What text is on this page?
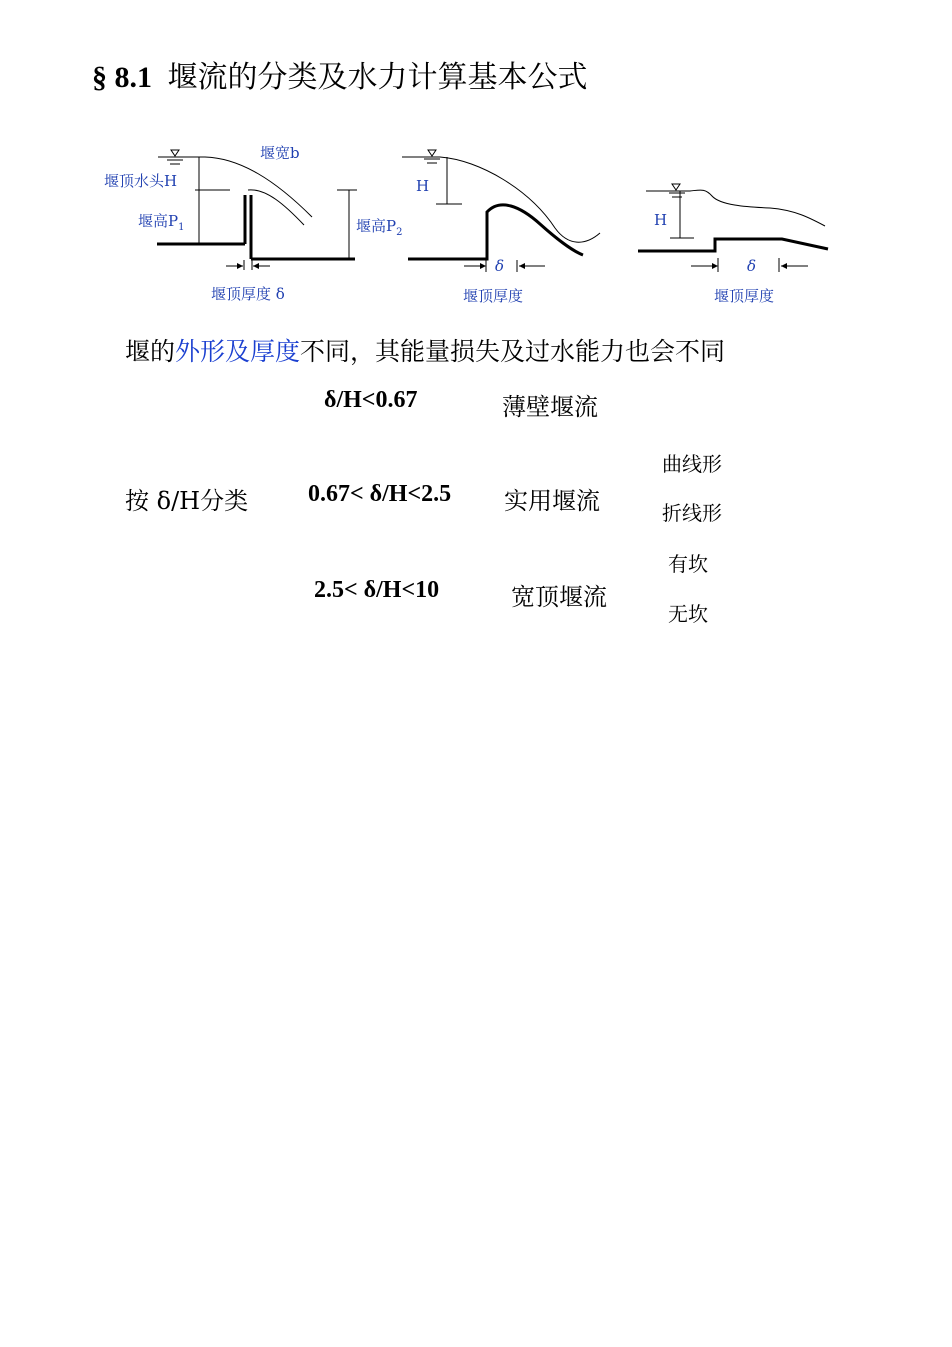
§ 8.1 堰流的分类及水力计算基本公式
堰宽b
堰顶水头H
堰高$P_1$	堰高$P_2$
堰顶厚度 δ
H
δ
堰顶厚度
H
δ
堰顶厚度
堰的外形及厚度不同，其能量损失及过水能力也会不同
按 δ/H分类
δ/H<0.67	薄壁堰流
0.67< δ/H<2.5 实用堰流
曲线形
折线形
2.5< δ/H<10	宽顶堰流
有坎
无坎
